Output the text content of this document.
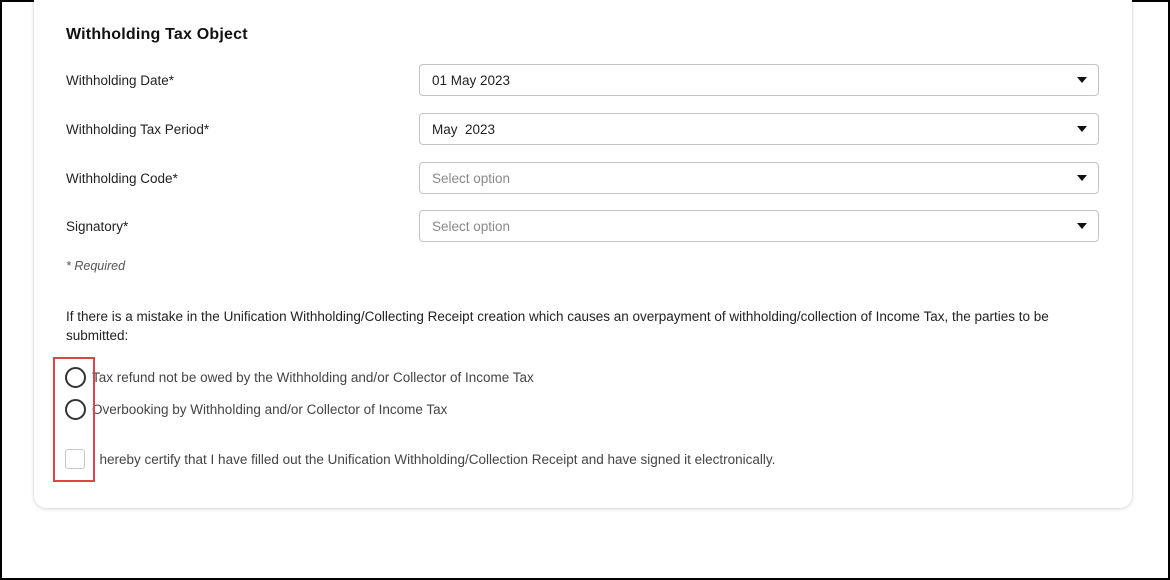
Withholding Tax Object
Withholding Date*	01 May 2023
Withholding Tax Period*	May  2023
Withholding Code*	Select option
Signatory*	Select option
* Required
If there is a mistake in the Unification Withholding/Collecting Receipt creation which causes an overpayment of withholding/collection of Income Tax, the parties to be submitted:
Tax refund not be owed by the Withholding and/or Collector of Income Tax
Overbooking by Withholding and/or Collector of Income Tax
I hereby certify that I have filled out the Unification Withholding/Collection Receipt and have signed it electronically.
